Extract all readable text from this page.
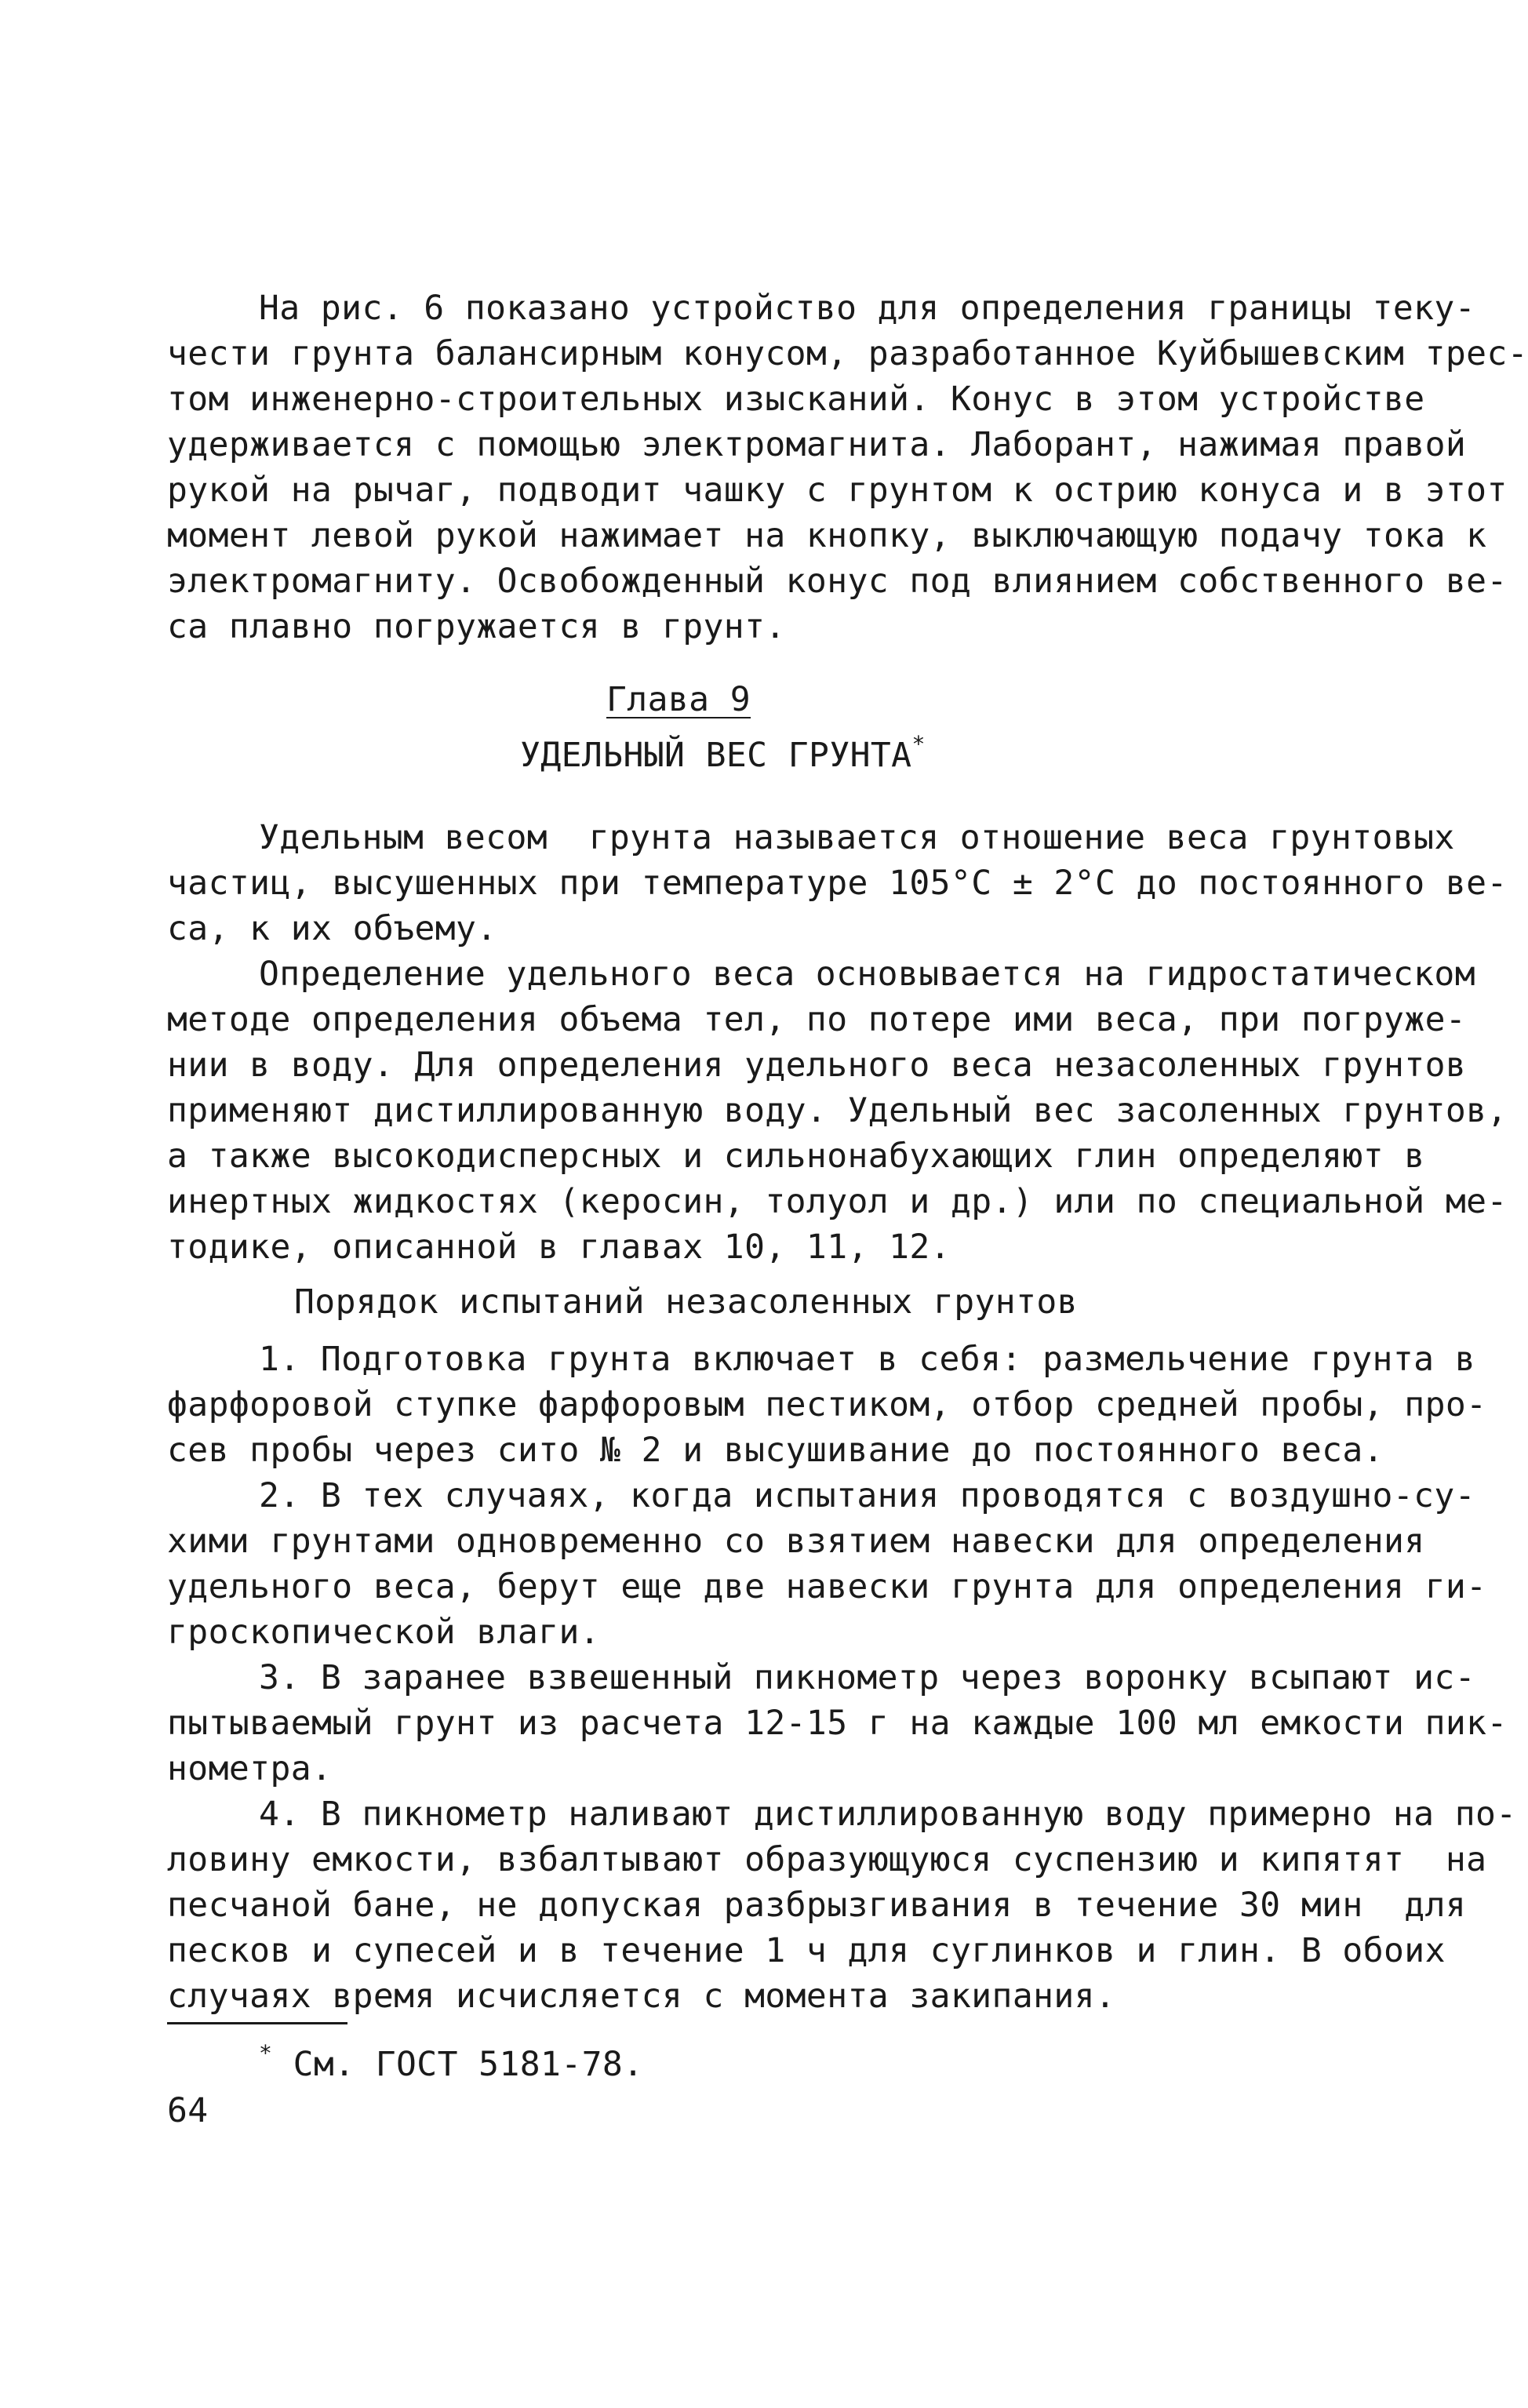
На рис. 6 показано устройство для определения границы теку-
чести грунта балансирным конусом, разработанное Куйбышевским трес-
том инженерно-строительных изысканий. Конус в этом устройстве
удерживается с помощью электромагнита. Лаборант, нажимая правой
рукой на рычаг, подводит чашку с грунтом к острию конуса и в этот
момент левой рукой нажимает на кнопку, выключающую подачу тока к
электромагниту. Освобожденный конус под влиянием собственного ве-
са плавно погружается в грунт.
Глава 9
УДЕЛЬНЫЙ ВЕС ГРУНТА*
Удельным весом  грунта называется отношение веса грунтовых
частиц, высушенных при температуре 105°С ± 2°С до постоянного ве-
са, к их объему.
Определение удельного веса основывается на гидростатическом
методе определения объема тел, по потере ими веса, при погруже-
нии в воду. Для определения удельного веса незасоленных грунтов
применяют дистиллированную воду. Удельный вес засоленных грунтов,
а также высокодисперсных и сильнонабухающих глин определяют в
инертных жидкостях (керосин, толуол и др.) или по специальной ме-
тодике, описанной в главах 10, 11, 12.
Порядок испытаний незасоленных грунтов
1. Подготовка грунта включает в себя: размельчение грунта в
фарфоровой ступке фарфоровым пестиком, отбор средней пробы, про-
сев пробы через сито № 2 и высушивание до постоянного веса.
2. В тех случаях, когда испытания проводятся с воздушно-су-
хими грунтами одновременно со взятием навески для определения
удельного веса, берут еще две навески грунта для определения ги-
гроскопической влаги.
3. В заранее взвешенный пикнометр через воронку всыпают ис-
пытываемый грунт из расчета 12-15 г на каждые 100 мл емкости пик-
нометра.
4. В пикнометр наливают дистиллированную воду примерно на по-
ловину емкости, взбалтывают образующуюся суспензию и кипятят  на
песчаной бане, не допуская разбрызгивания в течение 30 мин  для
песков и супесей и в течение 1 ч для суглинков и глин. В обоих
случаях время исчисляется с момента закипания.
* См. ГОСТ 5181-78.
64
